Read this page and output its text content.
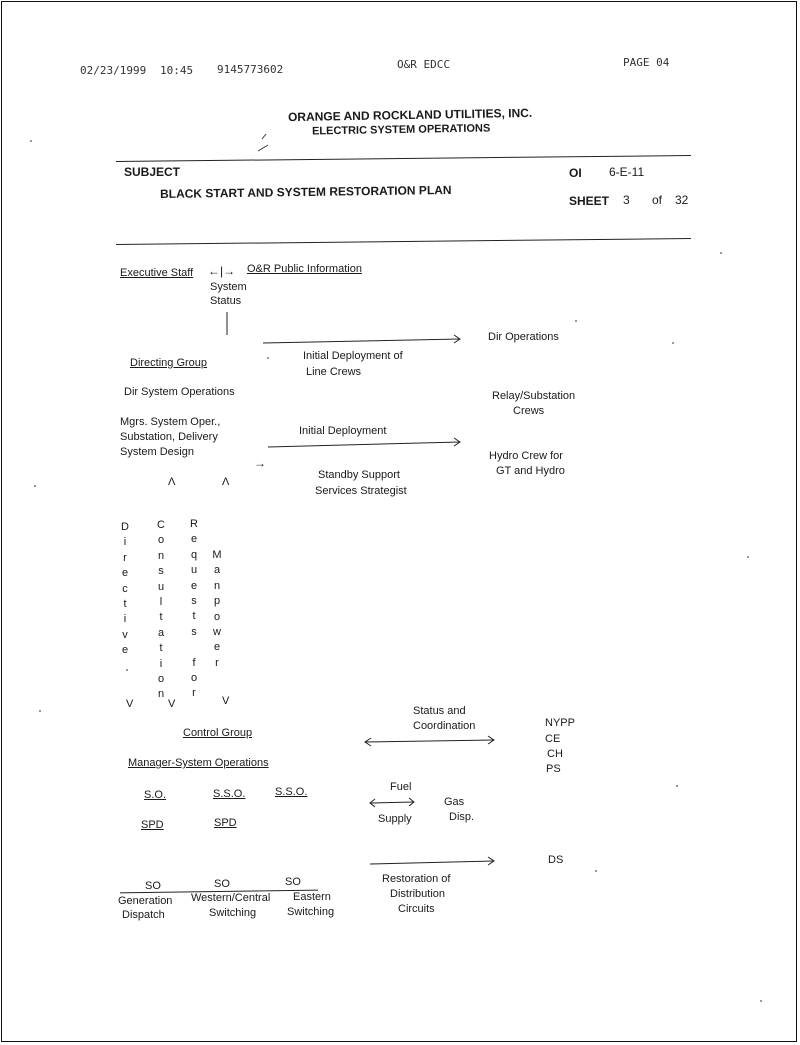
02/23/1999 10:45 9145773602	O&R EDCC	PAGE 04
ORANGE AND ROCKLAND UTILITIES, INC.
ELECTRIC SYSTEM OPERATIONS
SUBJECT	OI 6-E-11
BLACK START AND SYSTEM RESTORATION PLAN	SHEET 3 of 32
Executive Staff ←|→ O&R Public Information
System
Status
Dir Operations
Directing Group
Initial Deployment of
Line Crews
Dir System Operations	Relay/Substation
Crews
Mgrs. System Oper.,
Substation, Delivery
System Design
Initial Deployment
Hydro Crew for
GT and Hydro
→
Standby Support
Services Strategist
Λ	Λ
D
i
r
e
c
t
i
v
e
C
o
n
s
u
l
t
a
t
i
o
n
R
e
q
u
e
s
t
s

f
o
r
M
a
n
p
o
w
e
r
V	V	V
Control Group
Status and
Coordination	NYPP
CE
CH
PS
Manager-System Operations
S.O.	S.S.O.	S.S.O.	Fuel
Supply
Gas
Disp.
SPD	SPD
DS
Restoration of
Distribution
Circuits
SO	SO	SO
Generation
Dispatch
Western/Central
Switching
Eastern
Switching
